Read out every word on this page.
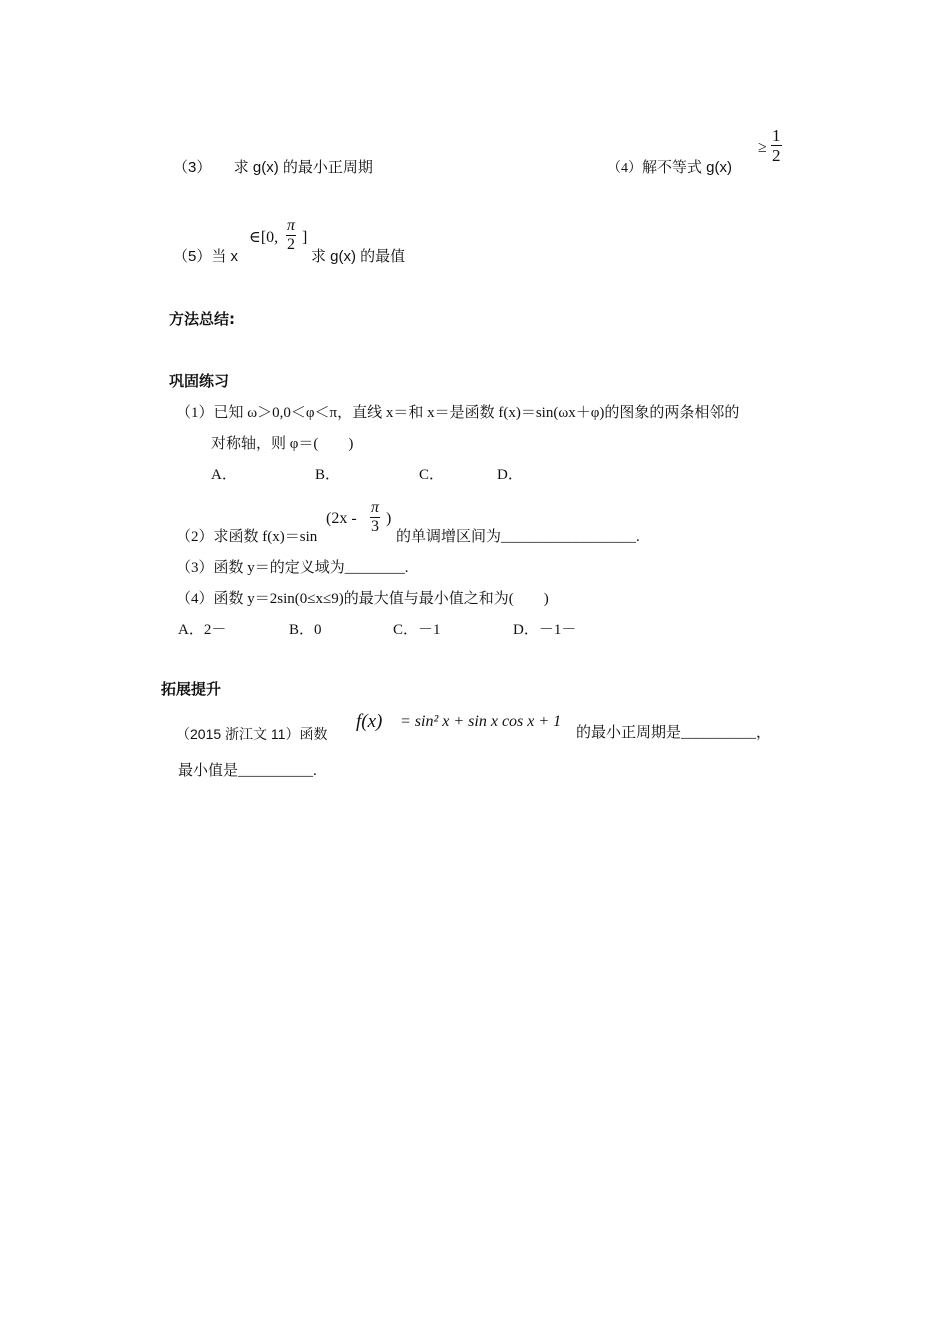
（3） 求 g(x) 的最小正周期	（4）解不等式 g(x)
≥ $\frac{1}{2}$
（5）当 x
∈[0, $\frac{\pi}{2}$ ]
求 g(x) 的最值
方法总结:
巩固练习
（1）已知 ω＞0,0＜φ＜π，直线 x＝和 x＝是函数 f(x)＝sin(ωx＋φ)的图象的两条相邻的
对称轴，则 φ＝(　　)
A．	B．	C．	D．
（2）求函数 f(x)＝sin
($2x - \frac{\pi}{3}$ )
的单调增区间为__________________.
（3）函数 y＝的定义域为________.
（4）函数 y＝2sin(0≤x≤9)的最大值与最小值之和为(　　)
A．2－	B．0	C．－1	D．－1－
拓展提升
（2015 浙江文 11）函数
f(x) = sin² x + sin x cos x + 1
的最小正周期是__________，
最小值是__________.
